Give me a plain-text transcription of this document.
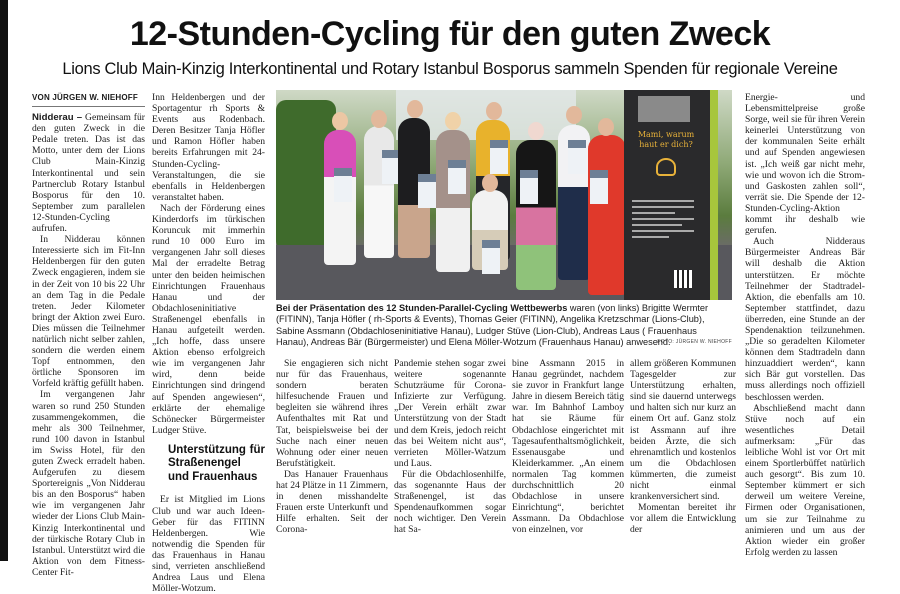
12-Stunden-Cycling für den guten Zweck
Lions Club Main-Kinzig Interkontinental und Rotary Istanbul Bosporus sammeln Spenden für regionale Vereine
VON JÜRGEN W. NIEHOFF

Nidderau – Gemeinsam für den guten Zweck in die Pedale treten. Das ist das Motto, unter dem der Lions Club Main-Kinzig Interkontinental und sein Partnerclub Rotary Istanbul Bosporus für den 10. September zum parallelen 12-Stunden-Cycling aufrufen.

In Nidderau können Interessierte sich im Fit-Inn Heldenbergen für den guten Zweck engagieren, indem sie in der Zeit von 10 bis 22 Uhr an dem Tag in die Pedale treten. Jeder Kilometer bringt der Aktion zwei Euro. Dies müssen die Teilnehmer natürlich nicht selber zahlen, sondern die werden einem Topf entnommen, den örtliche Sponsoren im Vorfeld kräftig gefüllt haben.

Im vergangenen Jahr waren so rund 250 Stunden zusammengekommen, die mehr als 300 Teilnehmer, rund 100 davon in Istanbul im Swiss Hotel, für den guten Zweck erradelt haben. Aufgerufen zu diesem Sportereignis „Von Nidderau bis an den Bosporus“ haben wie im vergangenen Jahr wieder der Lions Club Main-Kinzig Interkontinental und der türkische Rotary Club in Istanbul. Unterstützt wird die Aktion von dem Fitness-Center Fit-

Inn Heldenbergen und der Sportagentur rh Sports & Events aus Rodenbach. Deren Besitzer Tanja Höfler und Ramon Höfler haben bereits Erfahrungen mit 24-Stunden-Cycling-Veranstaltungen, die sie ebenfalls in Heldenbergen veranstaltet haben.

Nach der Förderung eines Kinderdorfs im türkischen Koruncuk mit immerhin rund 10 000 Euro im vergangenen Jahr soll dieses Mal der erradelte Betrag unter den beiden heimischen Einrichtungen Frauenhaus Hanau und der Obdachloseninitiative Straßenengel ebenfalls in Hanau aufgeteilt werden. „Ich hoffe, dass unsere Aktion ebenso erfolgreich wie im vergangenen Jahr wird, denn beide Einrichtungen sind dringend auf Spenden angewiesen“, erklärte der ehemalige Schönecker Bürgermeister Ludger Stüve.

Unterstützung für Straßenengel und Frauenhaus

Er ist Mitglied im Lions Club und war auch Ideen-Geber für das FITINN Heldenbergen. Wie notwendig die Spenden für das Frauenhaus in Hanau sind, verrieten anschließend Andrea Laus und Elena Möller-Wotzum.

Mami, warum haut er dich?
Bei der Präsentation des 12 Stunden-Parallel-Cycling Wettbewerbs waren (von links) Brigitte Wermter (FITINN), Tanja Höfler ( rh-Sports & Events), Thomas Geier (FITINN), Angelika Kretzschmar (Lions-Club), Sabine Assmann (Obdachloseninitiative Hanau), Ludger Stüve (Lion-Club), Andreas Laus ( Frauenhaus Hanau), Andreas Bär (Bürgermeister) und Elena Möller-Wotzum (Frauenhaus Hanau) anwesend.
FOTO: JÜRGEN W. NIEHOFF

Sie engagieren sich nicht nur für das Frauenhaus, sondern beraten hilfesuchende Frauen und begleiten sie während ihres Aufenthaltes mit Rat und Tat, beispielsweise bei der Suche nach einer neuen Wohnung oder einer neuen Berufstätigkeit.

Das Hanauer Frauenhaus hat 24 Plätze in 11 Zimmern, in denen misshandelte Frauen erste Unterkunft und Hilfe erhalten. Seit der Corona-

Pandemie stehen sogar zwei weitere sogenannte Schutzräume für Corona-Infizierte zur Verfügung. „Der Verein erhält zwar Unterstützung von der Stadt und dem Kreis, jedoch reicht das bei Weitem nicht aus“, verrieten Möller-Watzum und Laus.

Für die Obdachlosenhilfe, das sogenannte Haus der Straßenengel, ist das Spendenaufkommen sogar noch wichtiger. Den Verein hat Sa-

bine Assmann 2015 in Hanau gegründet, nachdem sie zuvor in Frankfurt lange Jahre in diesem Bereich tätig war. Im Bahnhof Lamboy hat sie Räume für Obdachlose eingerichtet mit Tagesaufenthaltsmöglichkeit, Essenausgabe und Kleiderkammer. „An einem normalen Tag kommen durchschnittlich 20 Obdachlose in unsere Einrichtung“, berichtet Assmann. Da Obdachlose von einzelnen, vor

allem größeren Kommunen Tagesgelder zur Unterstützung erhalten, sind sie dauernd unterwegs und halten sich nur kurz an einem Ort auf. Ganz stolz ist Assmann auf ihre beiden Ärzte, die sich ehrenamtlich und kostenlos um die Obdachlosen kümmerten, die zumeist nicht einmal krankenversichert sind.

Momentan bereitet ihr vor allem die Entwicklung der

Energie- und Lebensmittelpreise große Sorge, weil sie für ihren Verein keinerlei Unterstützung von der kommunalen Seite erhält und auf Spenden angewiesen ist. „Ich weiß gar nicht mehr, wie und wovon ich die Strom- und Gaskosten zahlen soll“, verrät sie. Die Spende der 12-Stunden-Cycling-Aktion kommt ihr deshalb wie gerufen.

Auch Nidderaus Bürgermeister Andreas Bär will deshalb die Aktion unterstützen. Er möchte Teilnehmer der Stadtradel-Aktion, die ebenfalls am 10. September stattfindet, dazu überreden, eine Stunde an der Spendenaktion teilzunehmen. „Die so geradelten Kilometer können dem Stadtradeln dann hinzuaddiert werden“, kann sich Bär gut vorstellen. Das muss allerdings noch offiziell beschlossen werden.

Abschließend macht dann Stüve noch auf ein wesentliches Detail aufmerksam: „Für das leibliche Wohl ist vor Ort mit einem Sportlerbüffet natürlich auch gesorgt“. Bis zum 10. September kümmert er sich derweil um weitere Vereine, Firmen oder Organisationen, um sie zur Teilnahme zu animieren und um aus der Aktion wieder ein großer Erfolg werden zu lassen
